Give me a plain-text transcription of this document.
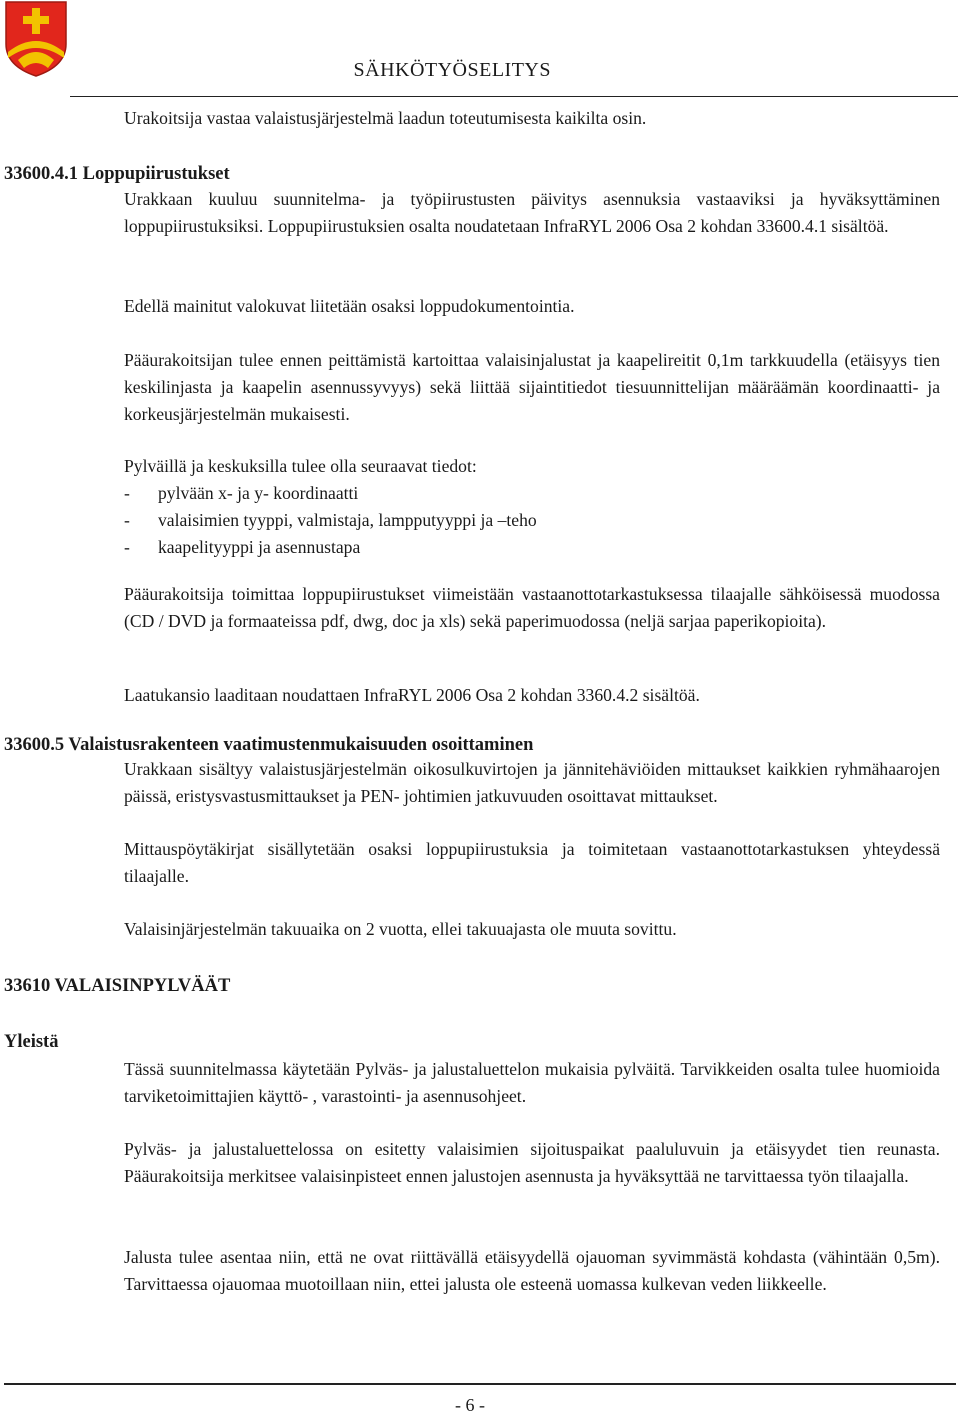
SÄHKÖTYÖSELITYS
Urakoitsija vastaa valaistusjärjestelmä laadun toteutumisesta kaikilta osin.
33600.4.1 Loppupiirustukset
Urakkaan kuuluu suunnitelma- ja työpiirustusten päivitys asennuksia vastaaviksi ja hyväksyttäminen loppupiirustuksiksi. Loppupiirustuksien osalta noudatetaan InfraRYL 2006 Osa 2 kohdan 33600.4.1 sisältöä.
Edellä mainitut valokuvat liitetään osaksi loppudokumentointia.
Pääurakoitsijan tulee ennen peittämistä kartoittaa valaisinjalustat ja kaapelireitit 0,1m tarkkuudella (etäisyys tien keskilinjasta ja kaapelin asennussyvyys) sekä liittää sijaintitiedot tiesuunnittelijan määräämän koordinaatti- ja korkeusjärjestelmän mukaisesti.
Pylväillä ja keskuksilla tulee olla seuraavat tiedot:
- pylvään x- ja y- koordinaatti
- valaisimien tyyppi, valmistaja, lampputyyppi ja –teho
- kaapelityyppi ja asennustapa
Pääurakoitsija toimittaa loppupiirustukset viimeistään vastaanottotarkastuksessa tilaajalle sähköisessä muodossa (CD / DVD ja formaateissa pdf, dwg, doc ja xls) sekä paperimuodossa (neljä sarjaa paperikopioita).
Laatukansio laaditaan noudattaen InfraRYL 2006 Osa 2 kohdan 3360.4.2 sisältöä.
33600.5 Valaistusrakenteen vaatimustenmukaisuuden osoittaminen
Urakkaan sisältyy valaistusjärjestelmän oikosulkuvirtojen ja jännitehäviöiden mittaukset kaikkien ryhmähaarojen päissä, eristysvastusmittaukset ja PEN- johtimien jatkuvuuden osoittavat mittaukset.
Mittauspöytäkirjat sisällytetään osaksi loppupiirustuksia ja toimitetaan vastaanottotarkastuksen yhteydessä tilaajalle.
Valaisinjärjestelmän takuuaika on 2 vuotta, ellei takuuajasta ole muuta sovittu.
33610 VALAISINPYLVÄÄT
Yleistä
Tässä suunnitelmassa käytetään Pylväs- ja jalustaluettelon mukaisia pylväitä. Tarvikkeiden osalta tulee huomioida tarviketoimittajien käyttö- , varastointi- ja asennusohjeet.
Pylväs- ja jalustaluettelossa on esitetty valaisimien sijoituspaikat paaluluvuin ja etäisyydet tien reunasta. Pääurakoitsija merkitsee valaisinpisteet ennen jalustojen asennusta ja hyväksyttää ne tarvittaessa työn tilaajalla.
Jalusta tulee asentaa niin, että ne ovat riittävällä etäisyydellä ojauoman syvimmästä kohdasta (vähintään 0,5m). Tarvittaessa ojauomaa muotoillaan niin, ettei jalusta ole esteenä uomassa kulkevan veden liikkeelle.
- 6 -
